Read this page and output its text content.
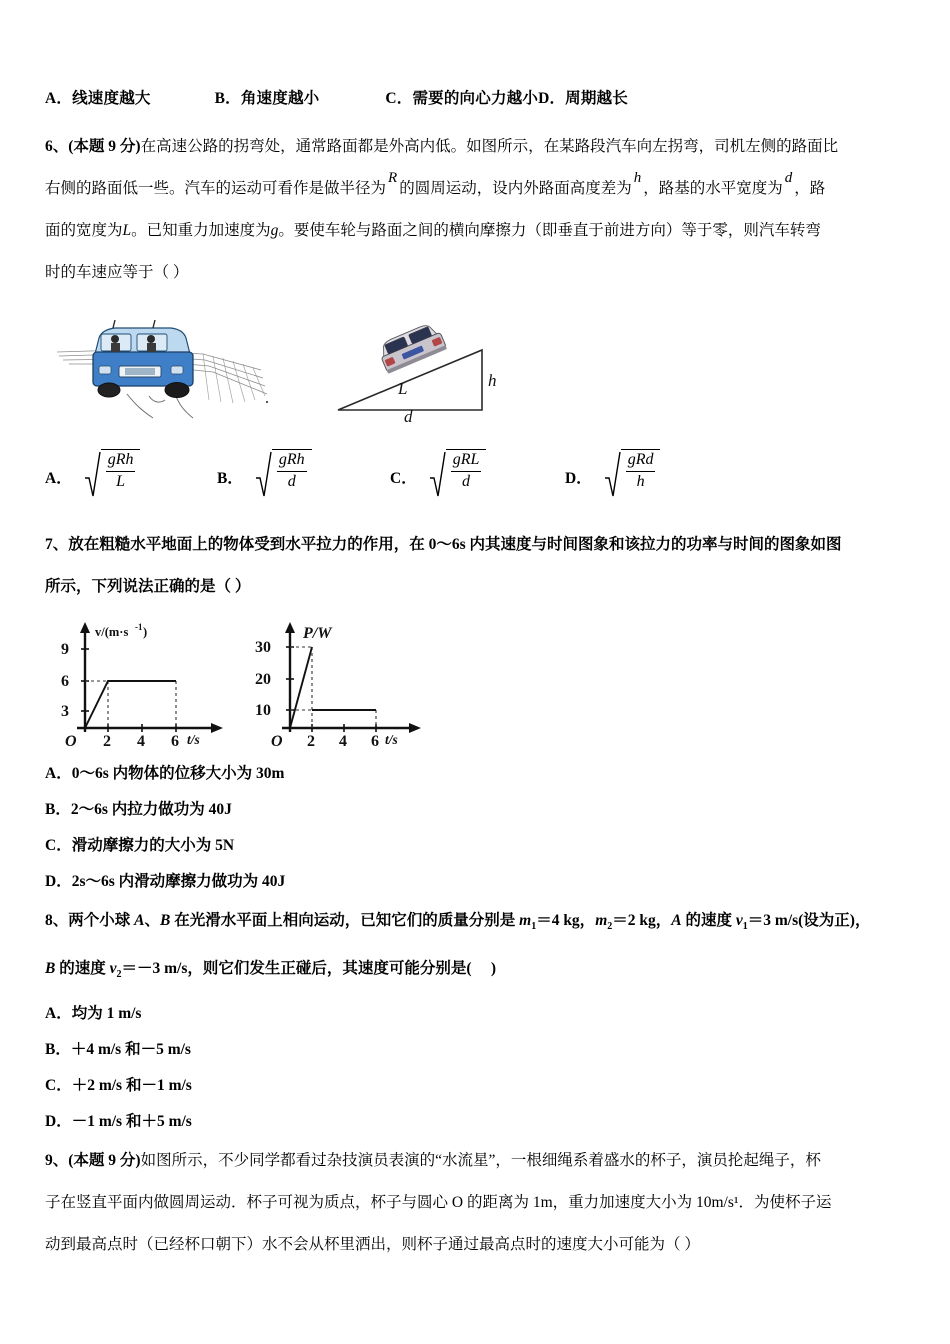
A．线速度越大	B．角速度越小	C．需要的向心力越小D．周期越长
6、(本题 9 分)在高速公路的拐弯处，通常路面都是外高内低。如图所示，在某路段汽车向左拐弯，司机左侧的路面比
右侧的路面低一些。汽车的运动可看作是做半径为R的圆周运动，设内外路面高度差为h，路基的水平宽度为d，路
面的宽度为L。已知重力加速度为g。要使车轮与路面之间的横向摩擦力（即垂直于前进方向）等于零，则汽车转弯
时的车速应等于（ ）
L	h
d
A． $\frac{\text{gRh}}{L}$	B． $\frac{\text{gRh}}{d}$	C． $\frac{\text{gRL}}{d}$	D． $\frac{\text{gRd}}{h}$
7、放在粗糙水平地面上的物体受到水平拉力的作用，在 0～6s 内其速度与时间图象和该拉力的功率与时间的图象如图
所示，下列说法正确的是（ ）
9
6
3
O 2 4 6
v/(m·s -1 )
t/s
30
20
10
O 2 4 6
P/W
t/s
A．0～6s 内物体的位移大小为 30m
B．2～6s 内拉力做功为 40J
C．滑动摩擦力的大小为 5N
D．2s～6s 内滑动摩擦力做功为 40J
8、两个小球 A、B 在光滑水平面上相向运动，已知它们的质量分别是 $m_1=4$ kg，$m_2=2$ kg，A 的速度 $v_1=3$ m/s(设为正)，
B 的速度 $v_2=-3$ m/s，则它们发生正碰后，其速度可能分别是(     )
A．均为 1 m/s
B．＋4 m/s 和－5 m/s
C．＋2 m/s 和－1 m/s
D．－1 m/s 和＋5 m/s
9、(本题 9 分)如图所示，不少同学都看过杂技演员表演的“水流星”，一根细绳系着盛水的杯子，演员抡起绳子，杯
子在竖直平面内做圆周运动．杯子可视为质点，杯子与圆心 O 的距离为 1m，重力加速度大小为 10m/s¹．为使杯子运
动到最高点时（已经杯口朝下）水不会从杯里洒出，则杯子通过最高点时的速度大小可能为（ ）
